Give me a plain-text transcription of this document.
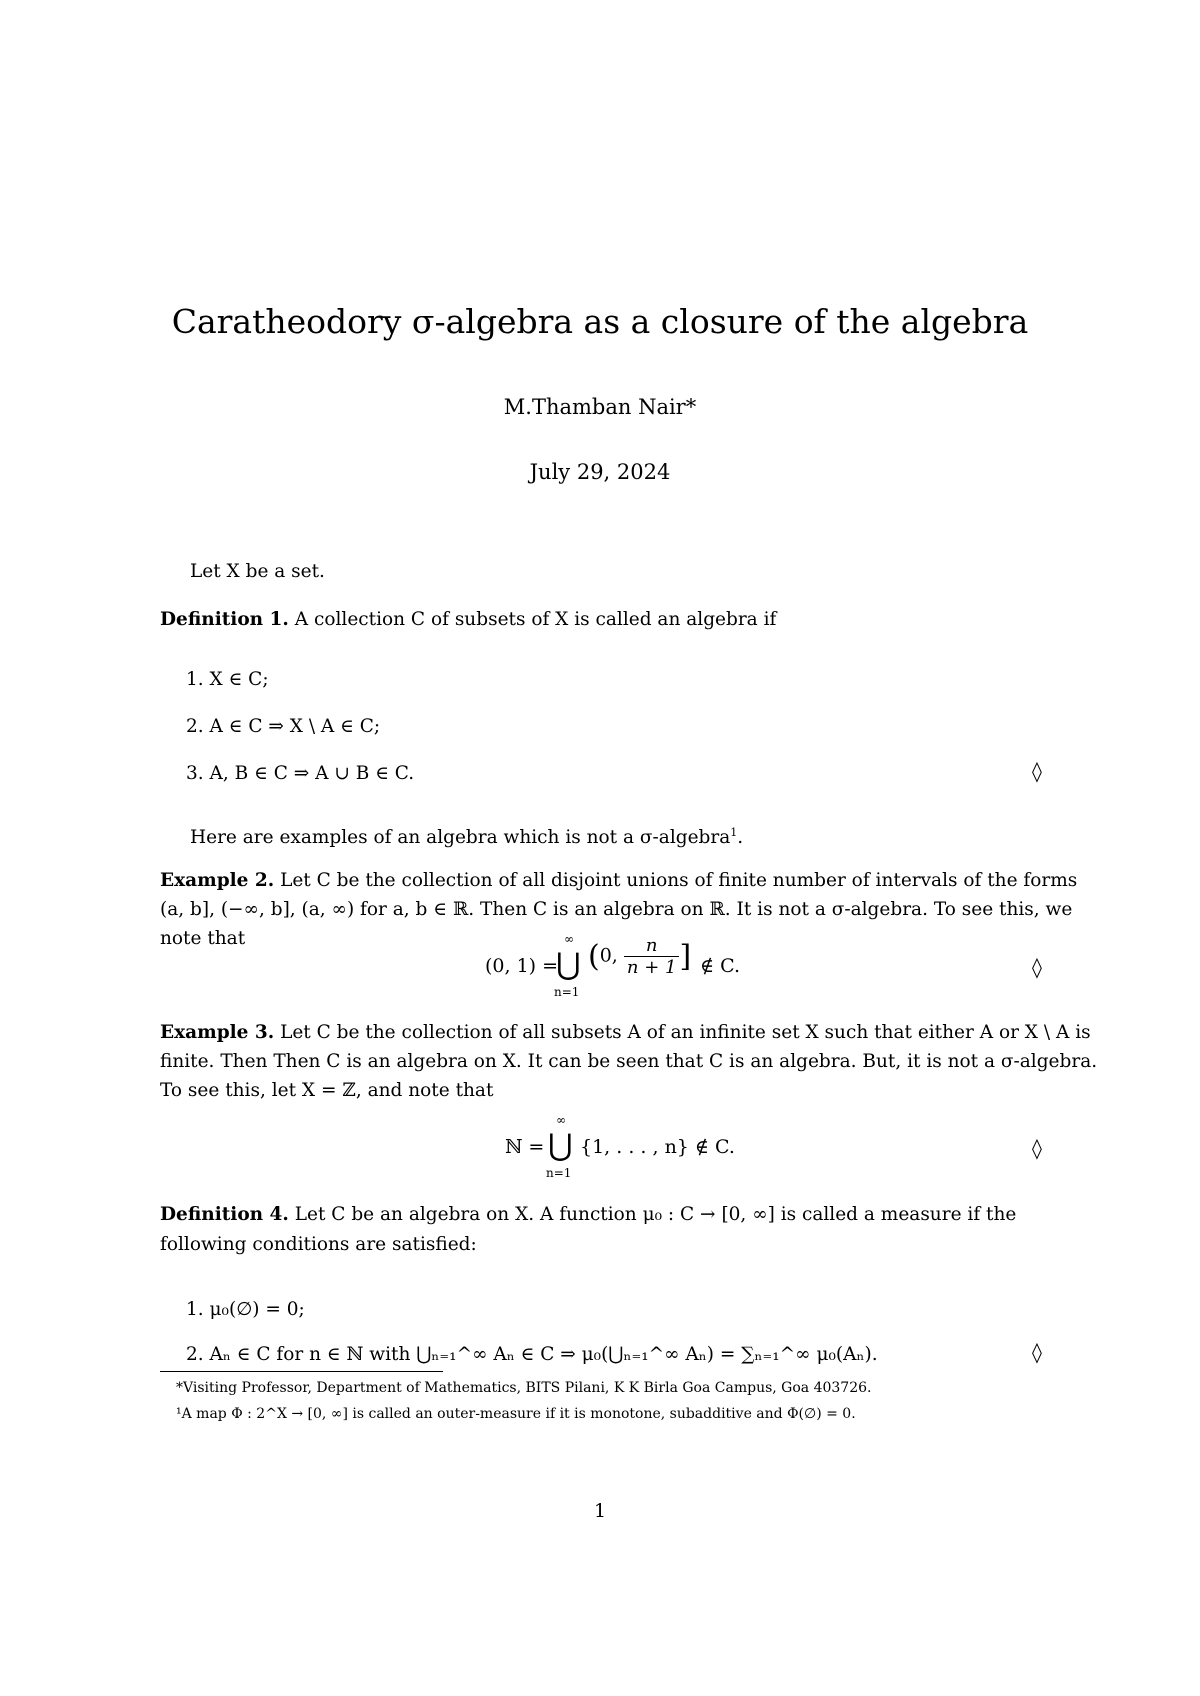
Caratheodory σ-algebra as a closure of the algebra
M.Thamban Nair*
July 29, 2024
Let X be a set.
Definition 1. A collection C of subsets of X is called an algebra if
1. X ∈ C;
2. A ∈ C ⇒ X \ A ∈ C;
3. A, B ∈ C ⇒ A ∪ B ∈ C.	◊
Here are examples of an algebra which is not a σ-algebra$^1$.
Example 2. Let C be the collection of all disjoint unions of finite number of intervals of the forms
(a, b], (−∞, b], (a, ∞) for a, b ∈ ℝ. Then C is an algebra on ℝ. It is not a σ-algebra. To see this, we
note that
(0, 1) =
∞
⋃
n=1
(0, $\frac{n}{n + 1}$ ] ∉ C.	◊
Example 3. Let C be the collection of all subsets A of an infinite set X such that either A or X \ A is
finite. Then Then C is an algebra on X. It can be seen that C is an algebra. But, it is not a σ-algebra.
To see this, let X = ℤ, and note that
ℕ =
∞
⋃
n=1
{1, . . . , n} ∉ C.	◊
Definition 4. Let C be an algebra on X. A function μ₀ : C → [0, ∞] is called a measure if the
following conditions are satisfied:
1. μ₀(∅) = 0;
2. Aₙ ∈ C for n ∈ ℕ with ⋃ₙ₌₁^∞ Aₙ ∈ C ⇒ μ₀(⋃ₙ₌₁^∞ Aₙ) = ∑ₙ₌₁^∞ μ₀(Aₙ).	◊
*Visiting Professor, Department of Mathematics, BITS Pilani, K K Birla Goa Campus, Goa 403726.
¹A map Φ : 2^X → [0, ∞] is called an outer-measure if it is monotone, subadditive and Φ(∅) = 0.
1
